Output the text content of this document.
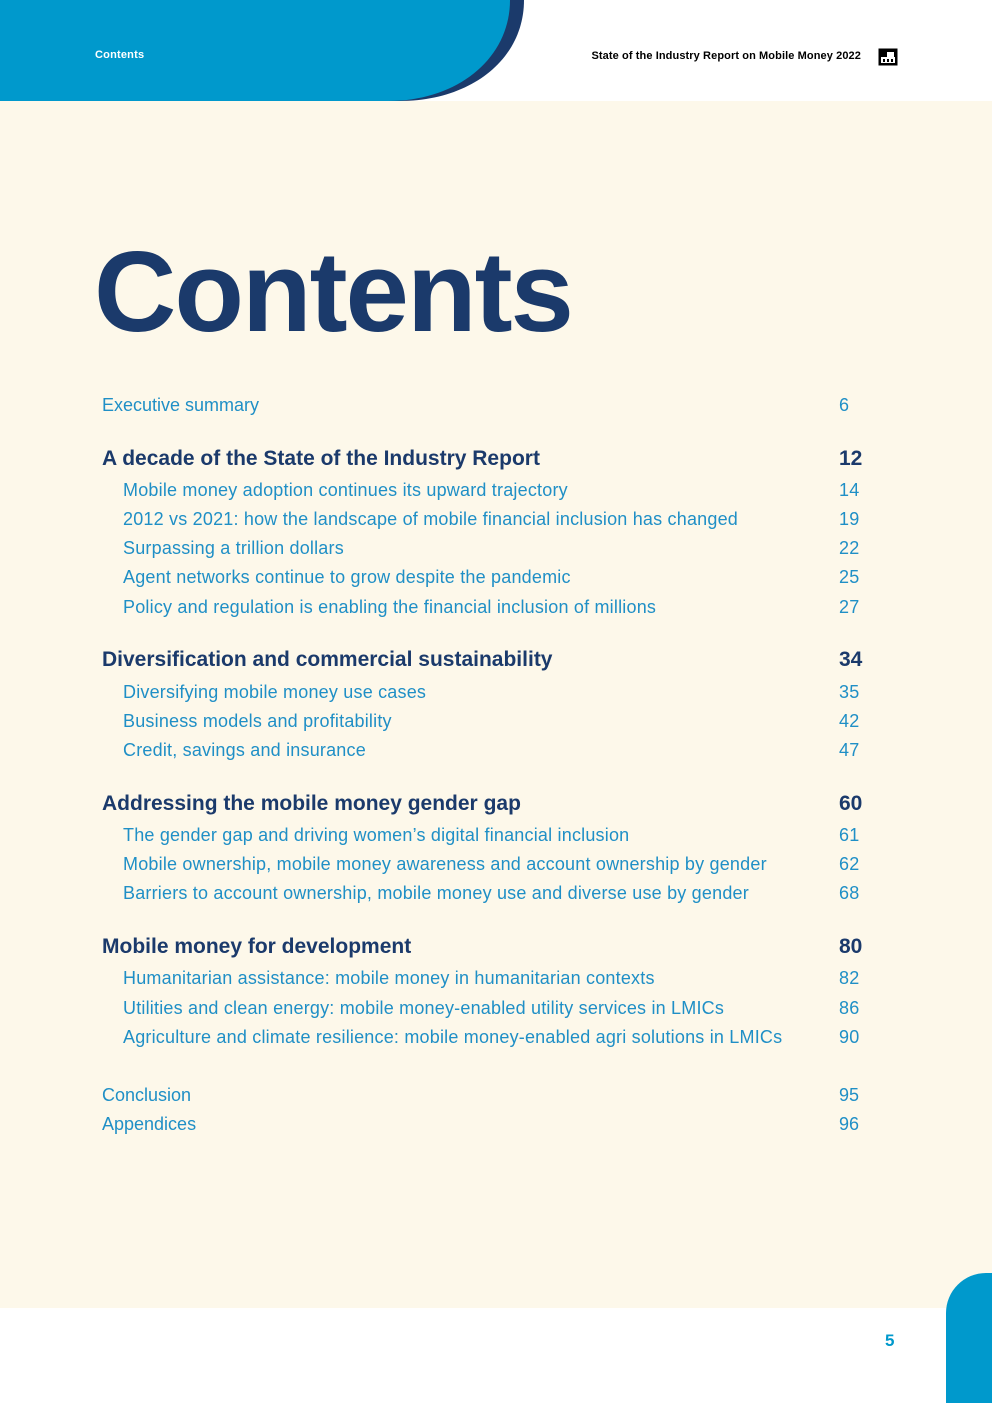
Contents	State of the Industry Report on Mobile Money 2022
Contents
Executive summary	6
A decade of the State of the Industry Report	12
Mobile money adoption continues its upward trajectory	14
2012 vs 2021: how the landscape of mobile financial inclusion has changed	19
Surpassing a trillion dollars	22
Agent networks continue to grow despite the pandemic	25
Policy and regulation is enabling the financial inclusion of millions	27
Diversification and commercial sustainability	34
Diversifying mobile money use cases	35
Business models and profitability	42
Credit, savings and insurance	47
Addressing the mobile money gender gap	60
The gender gap and driving women’s digital financial inclusion	61
Mobile ownership, mobile money awareness and account ownership by gender	62
Barriers to account ownership, mobile money use and diverse use by gender	68
Mobile money for development	80
Humanitarian assistance: mobile money in humanitarian contexts	82
Utilities and clean energy: mobile money-enabled utility services in LMICs	86
Agriculture and climate resilience: mobile money-enabled agri solutions in LMICs	90
Conclusion	95
Appendices	96
5
